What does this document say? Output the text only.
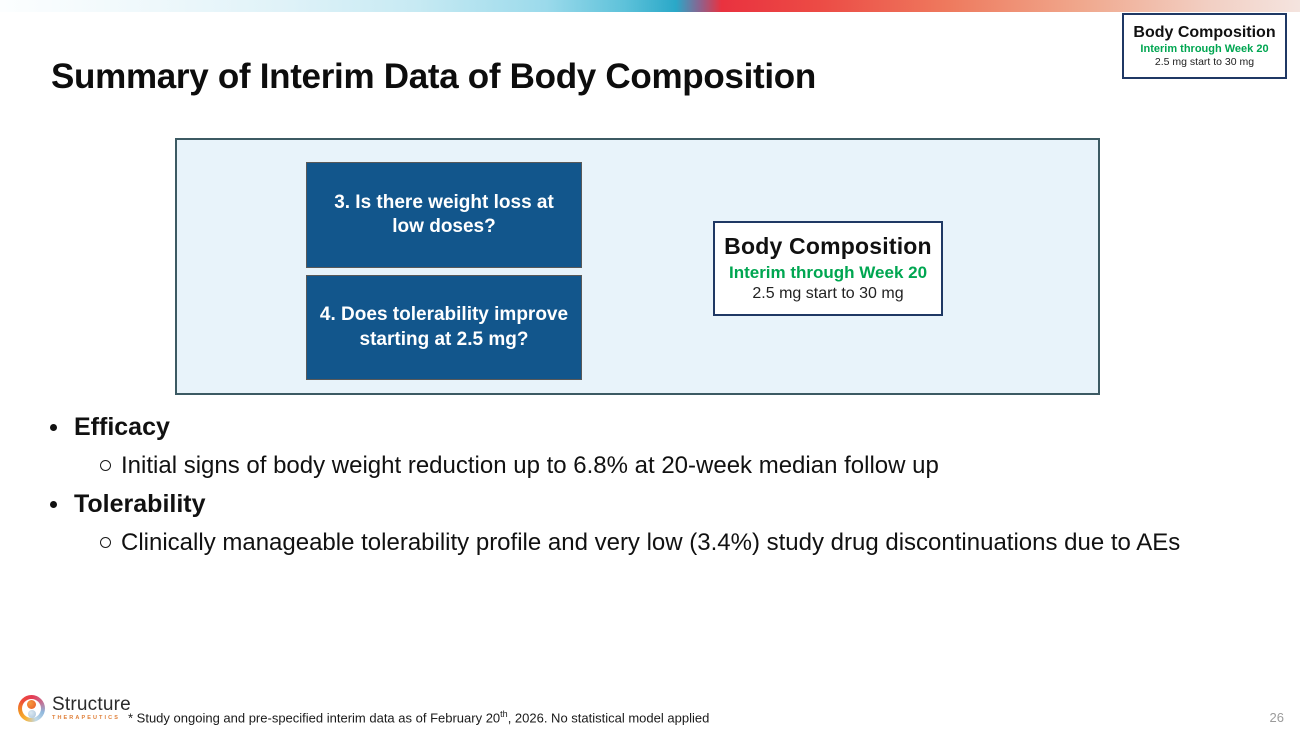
Body Composition
Interim through Week 20
2.5 mg start to 30 mg
Summary of Interim Data of Body Composition
3. Is there weight loss at
low doses?
4. Does tolerability improve
starting at 2.5 mg?
Body Composition
Interim through Week 20
2.5 mg start to 30 mg
Efficacy
Initial signs of body weight reduction up to 6.8% at 20-week median follow up
Tolerability
Clinically manageable tolerability profile and very low (3.4%) study drug discontinuations due to AEs
Structure
THERAPEUTICS * Study ongoing and pre-specified interim data as of February 20th, 2026. No statistical model applied	26
